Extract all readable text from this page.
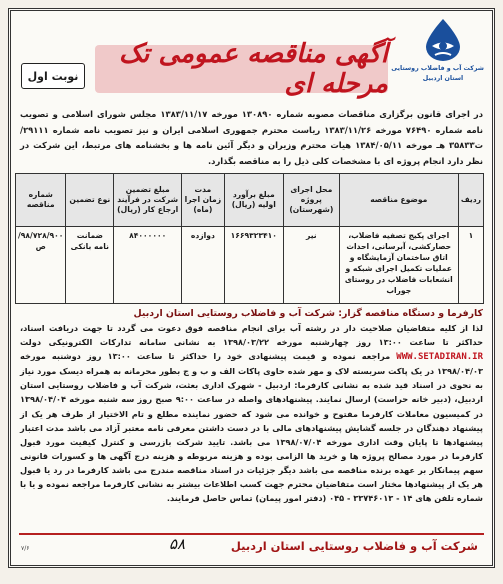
شرکت آب و فاضلاب روستایی
استان اردبیل
آگهی مناقصه عمومی تک مرحله ای
نوبت اول
در اجرای قانون برگزاری مناقصات مصوبه شماره ۱۳۰۸۹۰ مورخه ۱۳۸۳/۱۱/۱۷ مجلس شورای اسلامی و تصویب نامه شماره ۷۶۴۹۰ مورخه ۱۳۸۳/۱۱/۲۶ ریاست محترم جمهوری اسلامی ایران و نیز تصویب نامه شماره ۲۹۱۱۱/ت۳۵۸۳۳ هـ مورخه ۱۳۸۴/۰۵/۱۱ هیات محترم وزیران و دیگر آئین نامه ها و بخشنامه های مرتبط، این شرکت در نظر دارد انجام پروژه ای با مشخصات کلی ذیل را به مناقصه بگذارد.
ردیف	موضوع مناقصه	محل اجرای پروژه (شهرستان)	مبلغ برآورد اولیه (ریال)	مدت زمان اجرا (ماه)	مبلغ تضمین شرکت در فرآیند ارجاع کار (ریال)	نوع تضمین	شماره مناقصه
۱	اجرای پکیج تصفیه فاضلاب، حصارکشی، آبرسانی، احداث اتاق ساختمان آزمایشگاه و عملیات تکمیل اجرای شبکه و انشعابات فاضلاب در روستای جوراب	نیر	۱۶۶۹۳۲۳۴۱۰	دوازده	۸۴۰۰۰۰۰۰	ضمانت نامه بانکی	۹۸/۷۲۸/۹۰۰/ص
کارفرما و دستگاه مناقصه گزار: شرکت آب و فاضلاب روستایی استان اردبیل
لذا از کلیه متقاضیان صلاحیت دار در رشته آب برای انجام مناقصه فوق دعوت می گردد تا جهت دریافت اسناد، حداکثر تا ساعت ۱۳:۰۰ روز چهارشنبه مورخه ۱۳۹۸/۰۳/۲۲ به نشانی سامانه تدارکات الکترونیکی دولت WWW.SETADIRAN.IR مراجعه نموده و قیمت پیشنهادی خود را حداکثر تا ساعت ۱۳:۰۰ روز دوشنبه مورخه ۱۳۹۸/۰۴/۰۳ در یک پاکت سربسته لاک و مهر شده حاوی پاکات الف و ب و ج بطور محرمانه به همراه دیسک مورد نیاز به نحوی در اسناد قید شده به نشانی کارفرما: اردبیل - شهرک اداری بعثت، شرکت آب و فاضلاب روستایی استان اردبیل، (دبیر خانه حراست) ارسال نمایند. پیشنهادهای واصله در ساعت ۹:۰۰ صبح روز سه شنبه مورخه ۱۳۹۸/۰۴/۰۴ در کمیسیون معاملات کارفرما مفتوح و خوانده می شود که حضور نماینده مطلع و تام الاختیار از طرف هر یک از پیشنهاد دهندگان در جلسه گشایش پیشنهادهای مالی با در دست داشتن معرفی نامه معتبر آزاد می باشد مدت اعتبار پیشنهادها تا پایان وقت اداری مورخه ۱۳۹۸/۰۷/۰۴ می باشد. تایید شرکت بازرسی و کنترل کیفیت مورد قبول کارفرما در مورد مصالح پروژه ها و خرید ها الزامی بوده و هزینه مربوطه و هزینه درج آگهی ها و کسورات قانونی سهم پیمانکار بر عهده برنده مناقصه می باشد دیگر جزئیات در اسناد مناقصه مندرج می باشد کارفرما در رد یا قبول هر یک از پیشنهادها مختار است متقاضیان محترم جهت کسب اطلاعات بیشتر به نشانی کارفرما مراجعه نموده و یا با شماره تلفن های ۱۴ - ۳۳۷۴۶۰۱۳ - ۰۴۵ (دفتر امور پیمان) تماس حاصل فرمایند.
شرکت آب و فاضلاب روستایی استان اردبیل
۵۸
۷/۶
